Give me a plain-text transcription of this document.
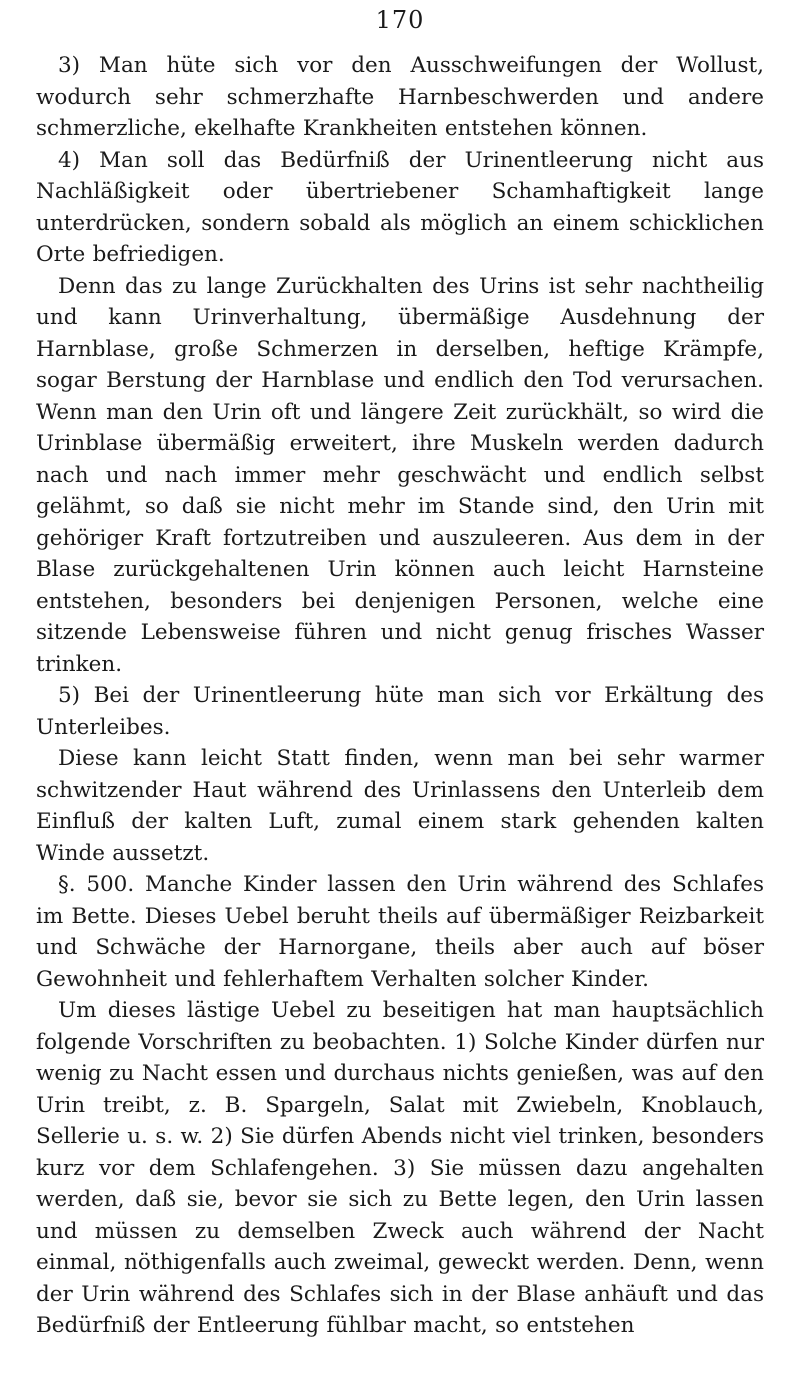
170

3) Man hüte sich vor den Ausschweifungen der Wollust, wodurch sehr schmerzhafte Harnbeschwerden und andere schmerzliche, ekelhafte Krankheiten entstehen können.

4) Man soll das Bedürfniß der Urinentleerung nicht aus Nachläßigkeit oder übertriebener Schamhaftigkeit lange unterdrücken, sondern sobald als möglich an einem schicklichen Orte befriedigen.

Denn das zu lange Zurückhalten des Urins ist sehr nachtheilig und kann Urinverhaltung, übermäßige Ausdehnung der Harnblase, große Schmerzen in derselben, heftige Krämpfe, sogar Berstung der Harnblase und endlich den Tod verursachen. Wenn man den Urin oft und längere Zeit zurückhält, so wird die Urinblase übermäßig erweitert, ihre Muskeln werden dadurch nach und nach immer mehr geschwächt und endlich selbst gelähmt, so daß sie nicht mehr im Stande sind, den Urin mit gehöriger Kraft fortzutreiben und auszuleeren. Aus dem in der Blase zurückgehaltenen Urin können auch leicht Harnsteine entstehen, besonders bei denjenigen Personen, welche eine sitzende Lebensweise führen und nicht genug frisches Wasser trinken.

5) Bei der Urinentleerung hüte man sich vor Erkältung des Unterleibes.

Diese kann leicht Statt finden, wenn man bei sehr warmer schwitzender Haut während des Urinlassens den Unterleib dem Einfluß der kalten Luft, zumal einem stark gehenden kalten Winde aussetzt.

§. 500. Manche Kinder lassen den Urin während des Schlafes im Bette. Dieses Uebel beruht theils auf übermäßiger Reizbarkeit und Schwäche der Harnorgane, theils aber auch auf böser Gewohnheit und fehlerhaftem Verhalten solcher Kinder.

Um dieses lästige Uebel zu beseitigen hat man hauptsächlich folgende Vorschriften zu beobachten. 1) Solche Kinder dürfen nur wenig zu Nacht essen und durchaus nichts genießen, was auf den Urin treibt, z. B. Spargeln, Salat mit Zwiebeln, Knoblauch, Sellerie u. s. w. 2) Sie dürfen Abends nicht viel trinken, besonders kurz vor dem Schlafengehen. 3) Sie müssen dazu angehalten werden, daß sie, bevor sie sich zu Bette legen, den Urin lassen und müssen zu demselben Zweck auch während der Nacht einmal, nöthigenfalls auch zweimal, geweckt werden. Denn, wenn der Urin während des Schlafes sich in der Blase anhäuft und das Bedürfniß der Entleerung fühlbar macht, so entstehen
